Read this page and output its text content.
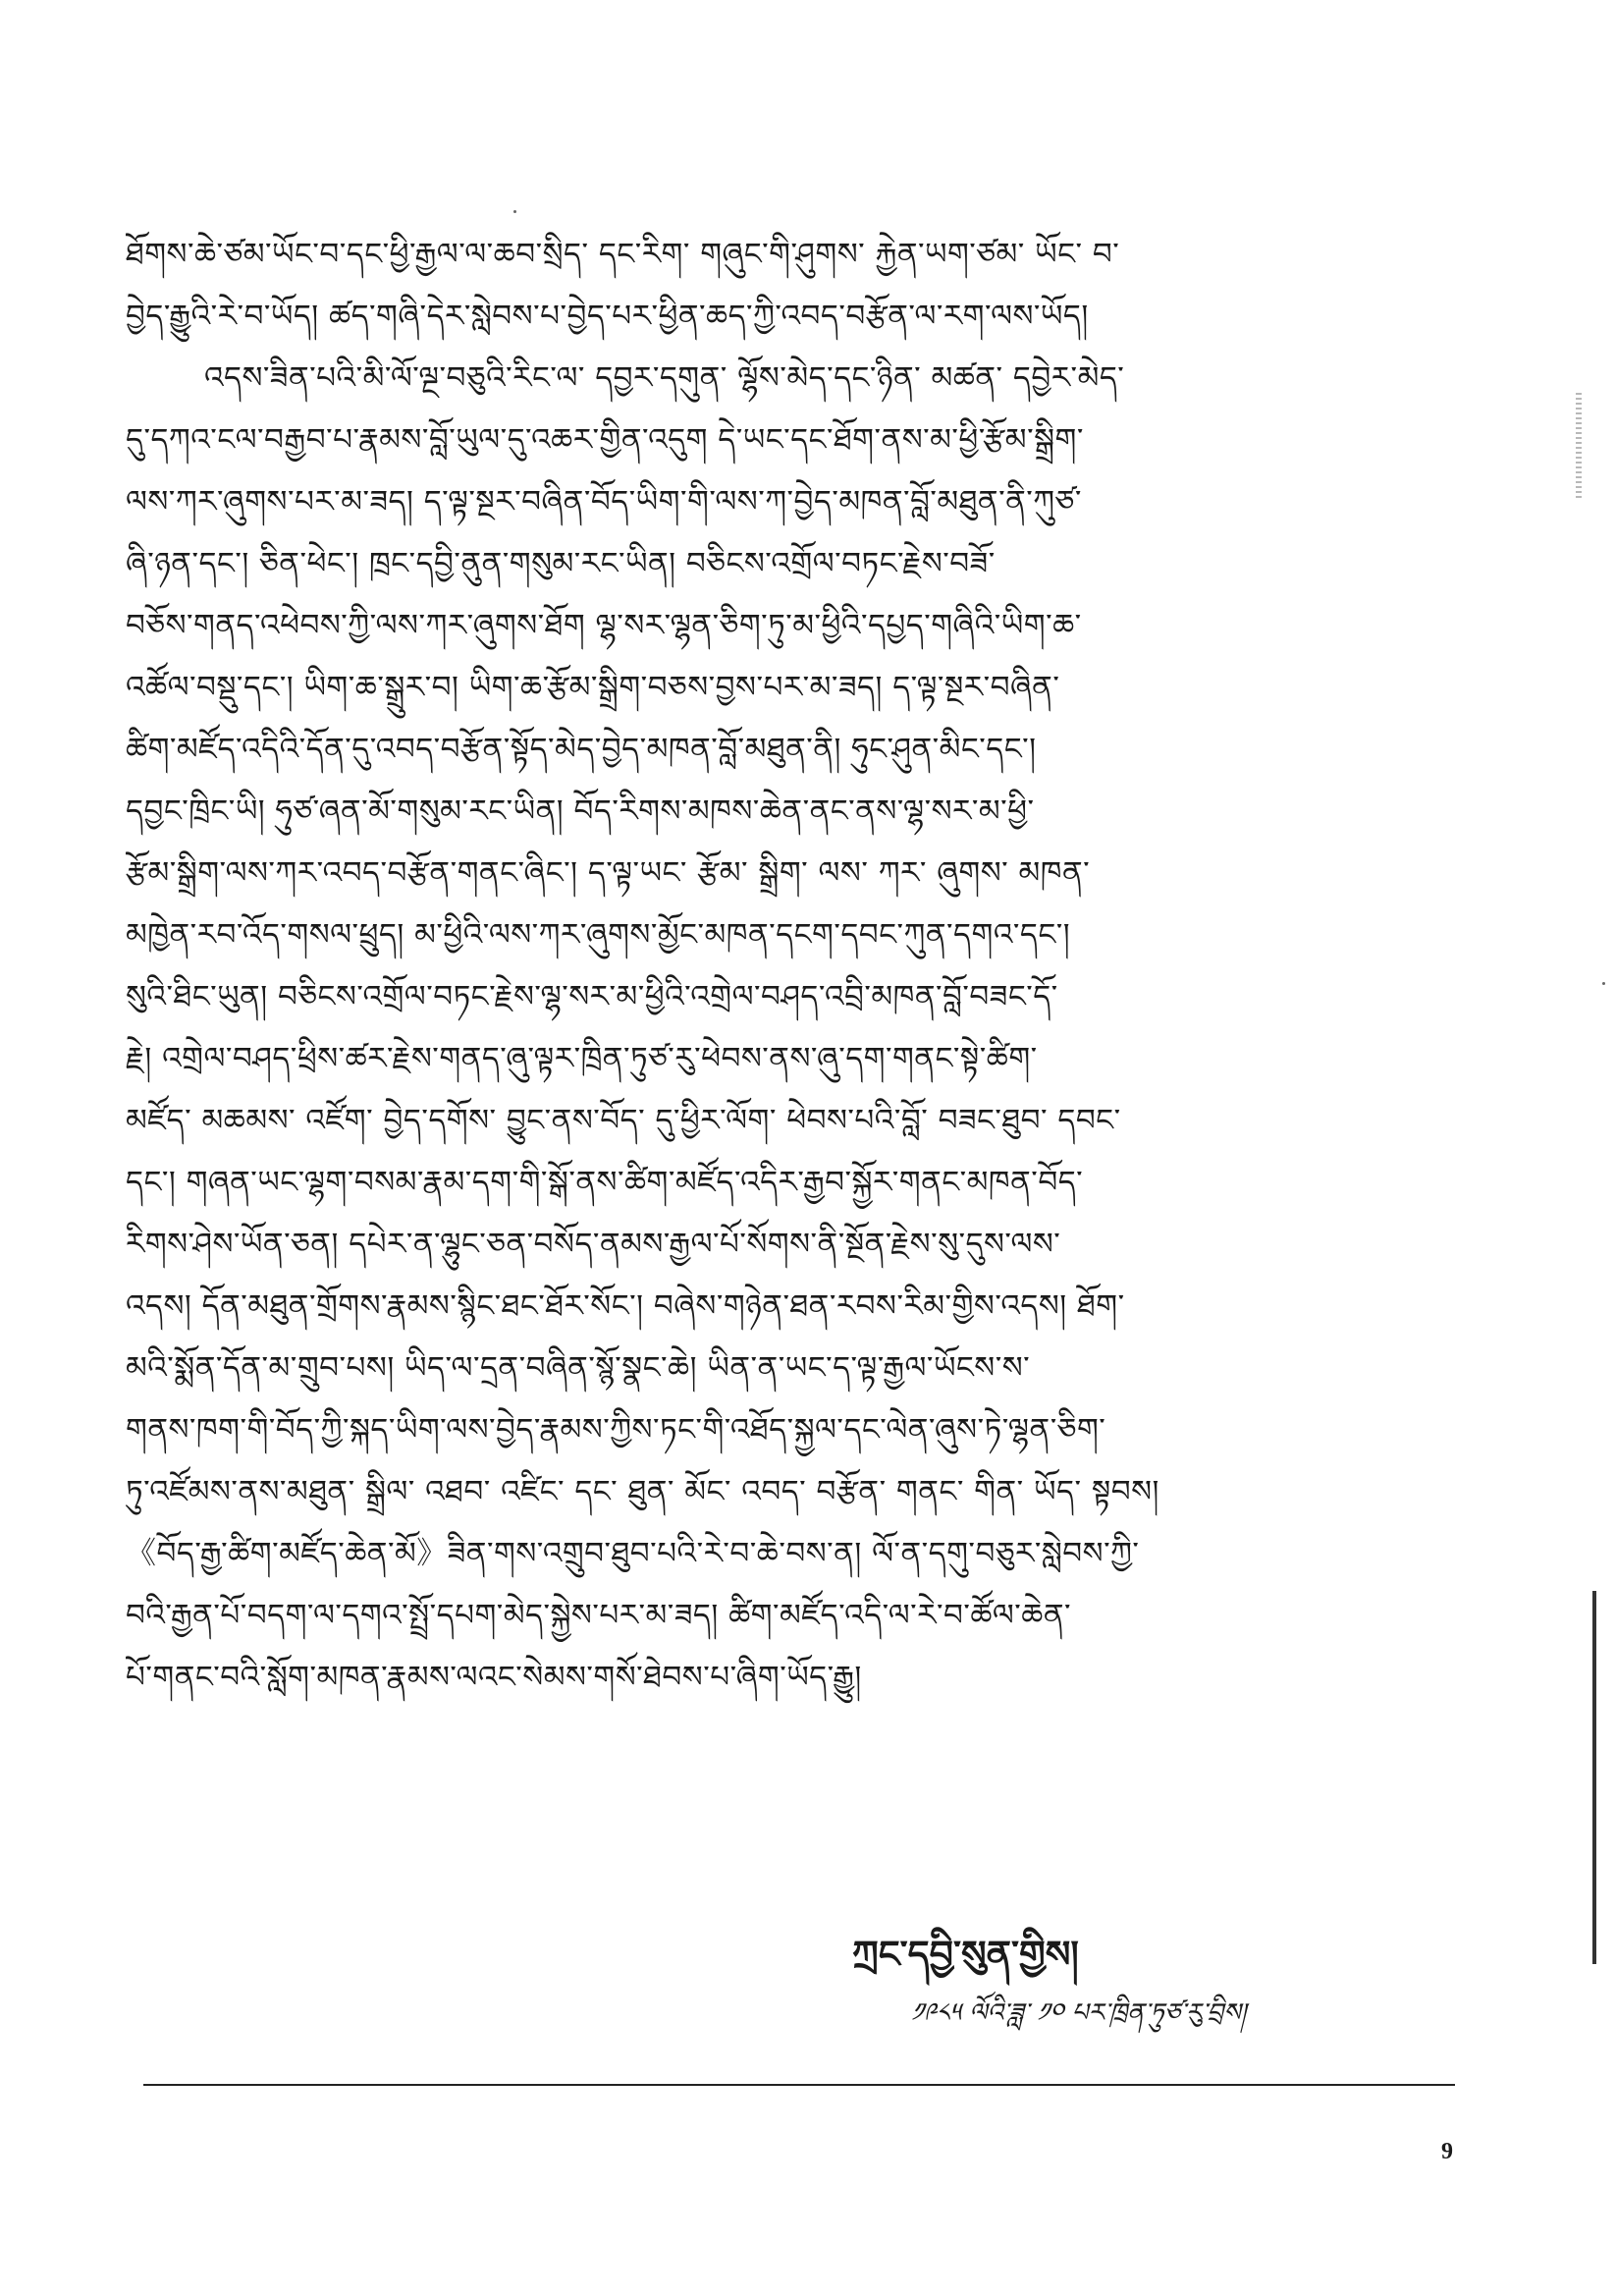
ཐོགས་ཆེ་ཙམ་ཡོང་བ་དང་ཕྱི་རྒྱལ་ལ་ཆབ་སྲིད་ དང་རིག་ གཞུང་གི་ཤུགས་ རྐྱེན་ཡག་ཙམ་ ཡོང་ བ་
བྱེད་རྒྱུའི་རེ་བ་ཡོད། ཚད་གཞི་དེར་སླེབས་པ་བྱེད་པར་ཕྱིན་ཆད་ཀྱི་འབད་བརྩོན་ལ་རག་ལས་ཡོད།
འདས་ཟིན་པའི་མི་ལོ་ལྔ་བཅུའི་རིང་ལ་ དབྱར་དགུན་ ལྷོས་མེད་དང་ཉིན་ མཚན་ དབྱེར་མེད་
དུ་དཀའ་ངལ་བརྒྱབ་པ་རྣམས་བློ་ཡུལ་དུ་འཆར་གྱིན་འདུག དེ་ཡང་དང་ཐོག་ནས་མ་ཕྱི་རྩོམ་སྒྲིག་
ལས་ཀར་ཞུགས་པར་མ་ཟད། ད་ལྟ་སྔར་བཞིན་བོད་ཡིག་གི་ལས་ཀ་བྱེད་མཁན་བློ་མཐུན་ནི་ཀུཙ་
ཞི་ཉན་དང་། ཅིན་ཕེང་། ཁྲང་དབྱི་ནུན་གསུམ་རང་ཡིན། བཅིངས་འགྲོལ་བཏང་རྗེས་བཟོ་
བཅོས་གནད་འཕེབས་ཀྱི་ལས་ཀར་ཞུགས་ཐོག ལྷ་སར་ལྷན་ཅིག་ཏུ་མ་ཕྱིའི་དཔྱད་གཞིའི་ཡིག་ཆ་
འཚོལ་བསྡུ་དང་། ཡིག་ཆ་སྒྲུར་བ། ཡིག་ཆ་རྩོམ་སྒྲིག་བཅས་བྱས་པར་མ་ཟད། ད་ལྟ་སྔར་བཞིན་
ཚིག་མཛོད་འདིའི་དོན་དུ་འབད་བརྩོན་སྟོད་མེད་བྱེད་མཁན་བློ་མཐུན་ནི། ཧུང་ཤུན་མིང་དང་།
དབྱང་ཁྲིང་ཡི། ཧུཙ་ཞན་མོ་གསུམ་རང་ཡིན། བོད་རིགས་མཁས་ཆེན་ནང་ནས་ལྷ་སར་མ་ཕྱི་
རྩོམ་སྒྲིག་ལས་ཀར་འབད་བརྩོན་གནང་ཞིང་། ད་ལྟ་ཡང་ རྩོམ་ སྒྲིག་ ལས་ ཀར་ ཞུགས་ མཁན་
མཁྱེན་རབ་འོད་གསལ་ཕྲུད། མ་ཕྱིའི་ལས་ཀར་ཞུགས་མྱོང་མཁན་དངག་དབང་ཀུན་དགའ་དང་།
སུའི་ཐིང་ཡུན། བཅིངས་འགྲོལ་བཏང་རྗེས་ལྷ་སར་མ་ཕྱིའི་འགྲེལ་བཤད་འབྲི་མཁན་བློ་བཟང་དོ་
རྗེ། འགྲེལ་བཤད་ཕྲིས་ཚར་རྗེས་གནད་ཞུ་ལྟར་ཁྲིན་ཏུཙ་རུ་ཕེབས་ནས་ཞུ་དག་གནང་སྟེ་ཚིག་
མཛོད་ མཆམས་ འཛོག་ བྱེད་དགོས་ བྱུང་ནས་བོད་ དུ་ཕྱིར་ལོག་ ཕེབས་པའི་བློ་ བཟང་ཐུབ་ དབང་
དང་། གཞན་ཡང་ལྷག་བསམ་རྣམ་དག་གི་སྒོ་ནས་ཚིག་མཛོད་འདིར་རྒྱབ་སྐྱོར་གནང་མཁན་བོད་
རིགས་ཤེས་ཡོན་ཅན། དཔེར་ན་ལྷུང་ཅན་བསོད་ནམས་རྒྱལ་པོ་སོགས་ནི་སྔོན་རྗེས་སུ་དུས་ལས་
འདས། དོན་མཐུན་གྲོགས་རྣམས་སྙིང་ཐང་ཐོར་སོང་། བཞེས་གཉེན་ཐན་རབས་རིམ་གྱིས་འདས། ཐོག་
མའི་སྨོན་དོན་མ་གྲུབ་པས། ཡིད་ལ་དྲན་བཞིན་སྙོ་སྣང་ཆེ། ཡིན་ན་ཡང་ད་ལྟ་རྒྱལ་ཡོངས་ས་
གནས་ཁག་གི་བོད་ཀྱི་སྐད་ཡིག་ལས་བྱེད་རྣམས་ཀྱིས་ཏང་གི་འཐོད་སྐྱལ་དང་ལེན་ཞུས་ཏེ་ལྷན་ཅིག་
ཏུ་འཛོམས་ནས་མཐུན་ སྒྲིལ་ འཐབ་ འཛིང་ དང་ ཐུན་ མོང་ འབད་ བརྩོན་ གནང་ གིན་ ཡོད་ སྟབས།
《བོད་རྒྱ་ཚིག་མཛོད་ཆེན་མོ》ཟིན་གས་འགྲུབ་ཐུབ་པའི་རེ་བ་ཆེ་བས་ན། ལོ་ན་དགུ་བཅུར་སླེབས་ཀྱི་
བའི་རྒྱན་པོ་བདག་ལ་དགའ་སྤྲོ་དཔག་མེད་སྐྱེས་པར་མ་ཟད། ཚིག་མཛོད་འདི་ལ་རེ་བ་ཚོལ་ཆེན་
པོ་གནང་བའི་སློག་མཁན་རྣམས་ལའང་སེམས་གསོ་ཐེབས་པ་ཞིག་ཡོད་རྒྱུ།
ཀྲང་དབྱི་སུན་གྱིས།
༡༩༨༥ ལོའི་ཟླ་ ༡༠ པར་ཁྲིན་ཏུཙ་རུ་བྲིས།
9
